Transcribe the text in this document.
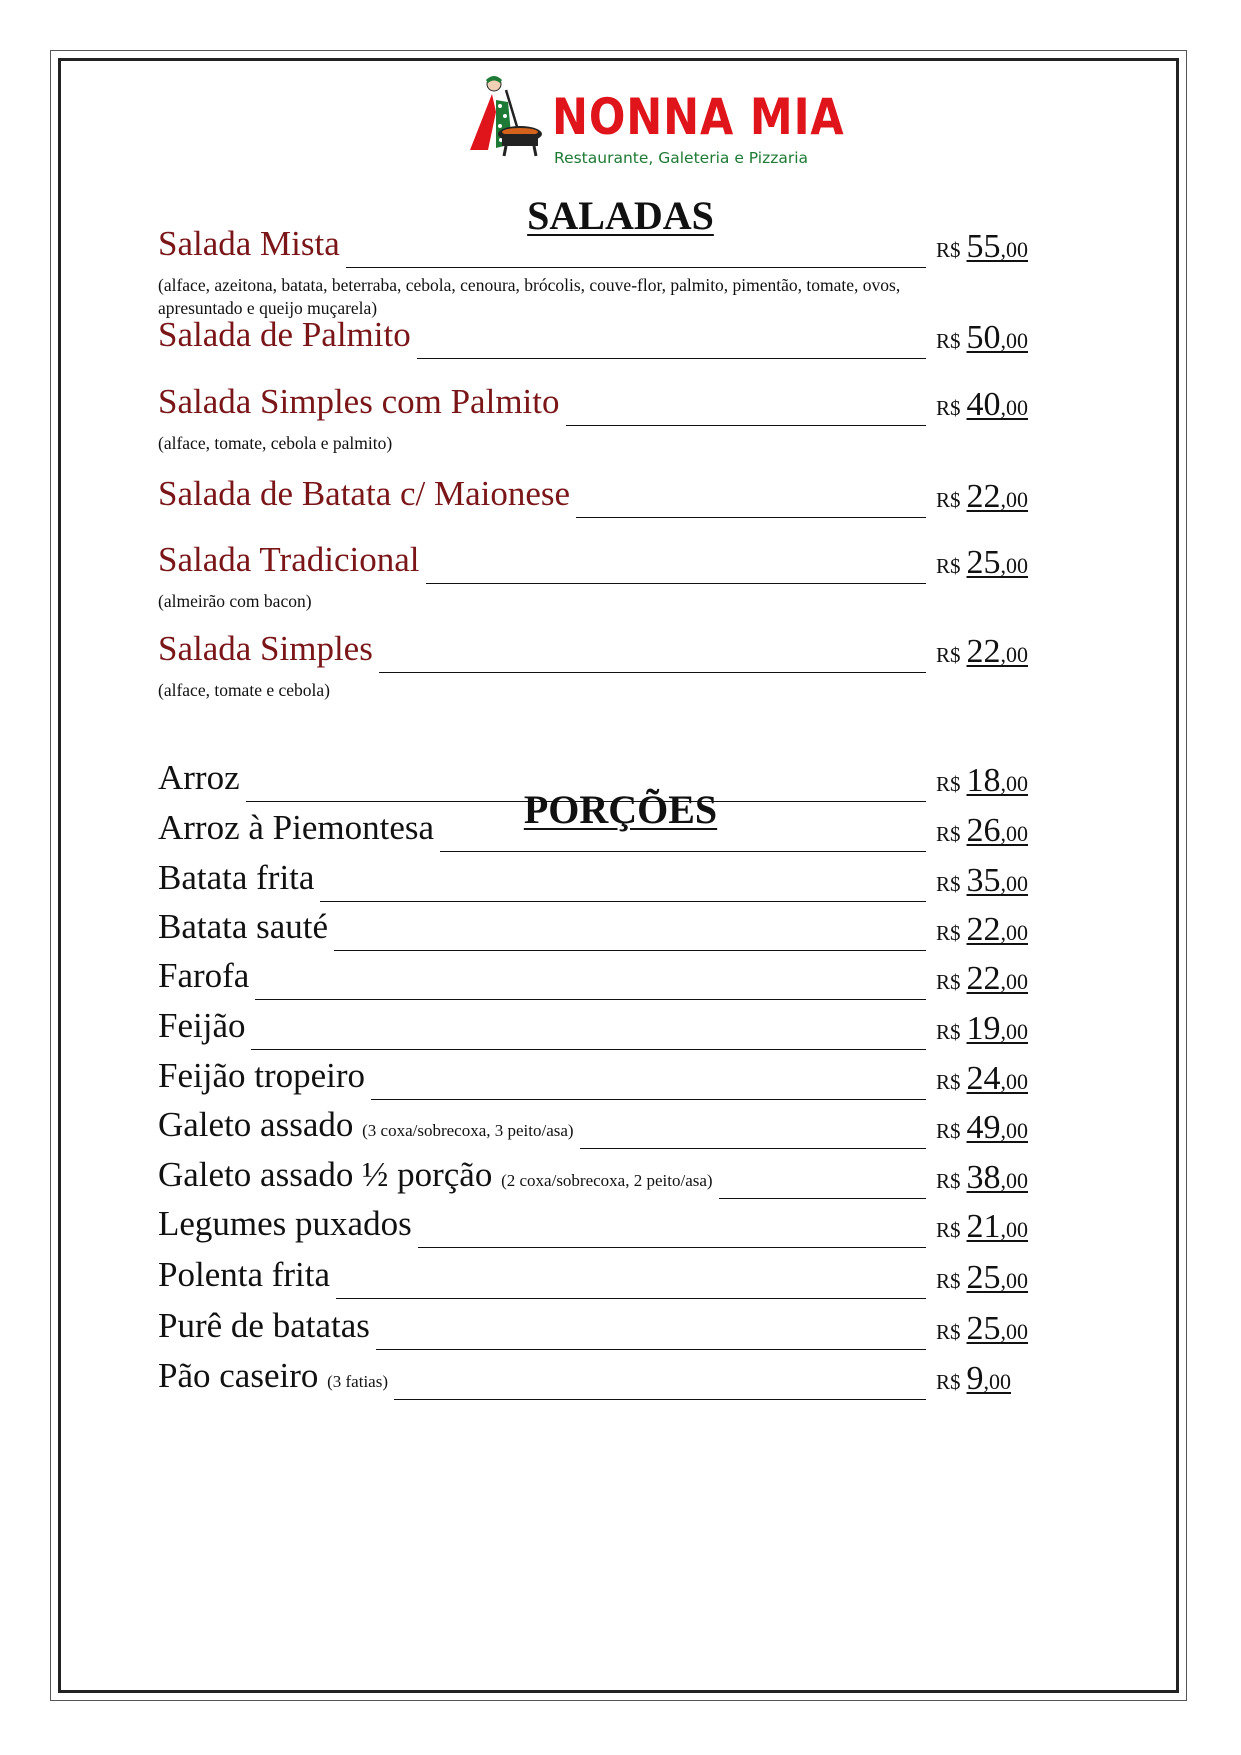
NONNA MIA
Restaurante, Galeteria e Pizzaria
SALADAS
Salada Mista	R$ 55,00
(alface, azeitona, batata, beterraba, cebola, cenoura, brócolis, couve-flor, palmito, pimentão, tomate, ovos, apresuntado e queijo muçarela)
Salada de Palmito	R$ 50,00
Salada Simples com Palmito	R$ 40,00
(alface, tomate, cebola e palmito)
Salada de Batata c/ Maionese	R$ 22,00
Salada Tradicional	R$ 25,00
(almeirão com bacon)
Salada Simples	R$ 22,00
(alface, tomate e cebola)
PORÇÕES
Arroz	R$ 18,00
Arroz à Piemontesa	R$ 26,00
Batata frita	R$ 35,00
Batata sauté	R$ 22,00
Farofa	R$ 22,00
Feijão	R$ 19,00
Feijão tropeiro	R$ 24,00
Galeto assado (3 coxa/sobrecoxa, 3 peito/asa)	R$ 49,00
Galeto assado ½ porção (2 coxa/sobrecoxa, 2 peito/asa)	R$ 38,00
Legumes puxados	R$ 21,00
Polenta frita	R$ 25,00
Purê de batatas	R$ 25,00
Pão caseiro (3 fatias)	R$ 9,00
